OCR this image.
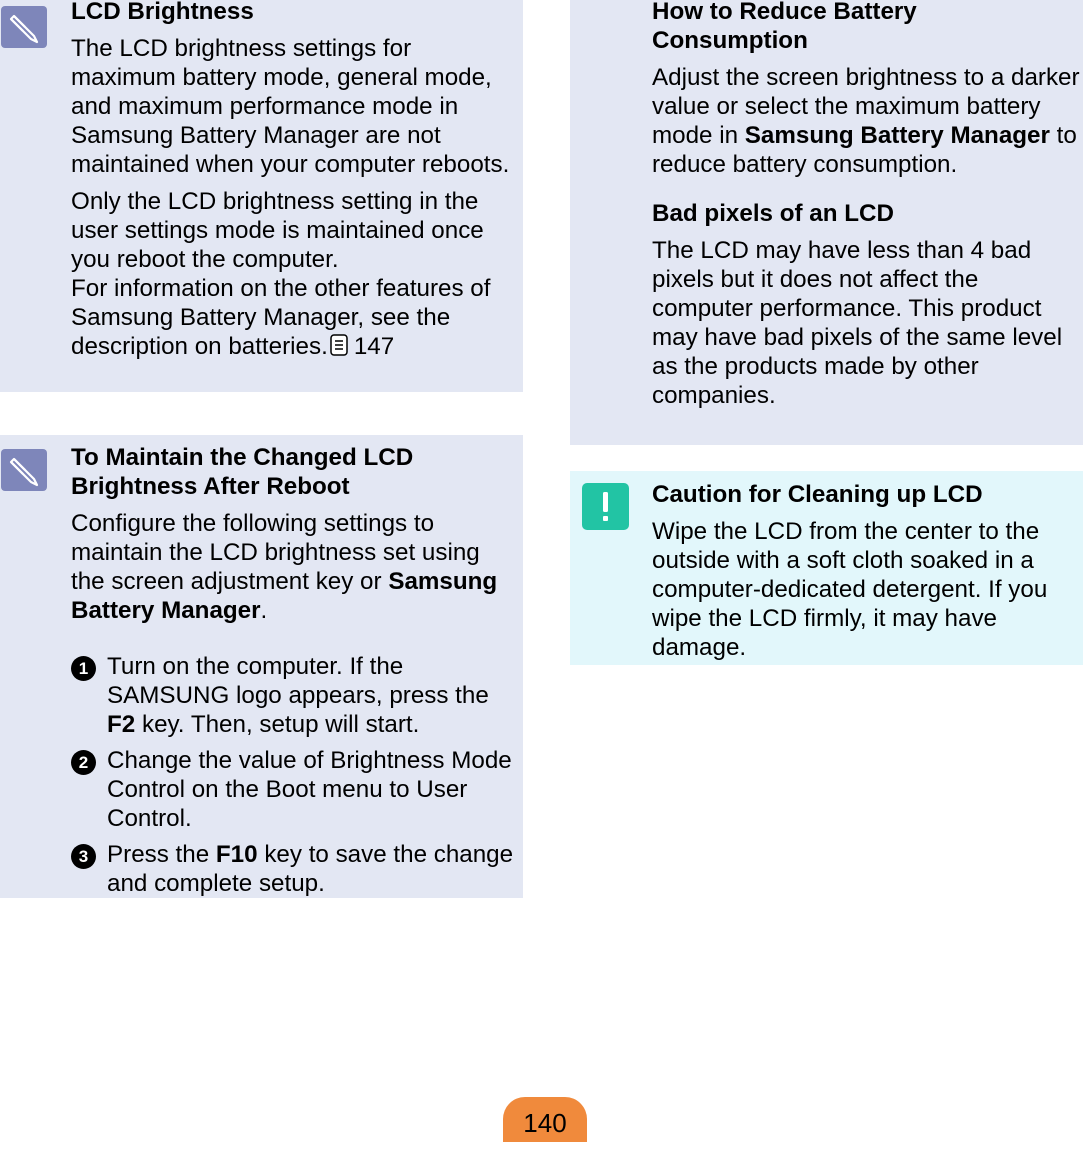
LCD Brightness

The LCD brightness settings for maximum battery mode, general mode, and maximum performance mode in Samsung Battery Manager are not maintained when your computer reboots.

Only the LCD brightness setting in the user settings mode is maintained once you reboot the computer.

For information on the other features of Samsung Battery Manager, see the description on batteries. 147

To Maintain the Changed LCD

Brightness After Reboot

Configure the following settings to maintain the LCD brightness set using the screen adjustment key or Samsung Battery Manager.

1 Turn on the computer. If the SAMSUNG logo appears, press the F2 key. Then, setup will start.
2 Change the value of Brightness Mode Control on the Boot menu to User Control.
3 Press the F10 key to save the change and complete setup.

How to Reduce Battery

Consumption

Adjust the screen brightness to a darker value or select the maximum battery mode in Samsung Battery Manager to reduce battery consumption.

Bad pixels of an LCD

The LCD may have less than 4 bad pixels but it does not affect the computer performance. This product may have bad pixels of the same level as the products made by other companies.

Caution for Cleaning up LCD

Wipe the LCD from the center to the outside with a soft cloth soaked in a computer-dedicated detergent. If you wipe the LCD firmly, it may have damage.

140
